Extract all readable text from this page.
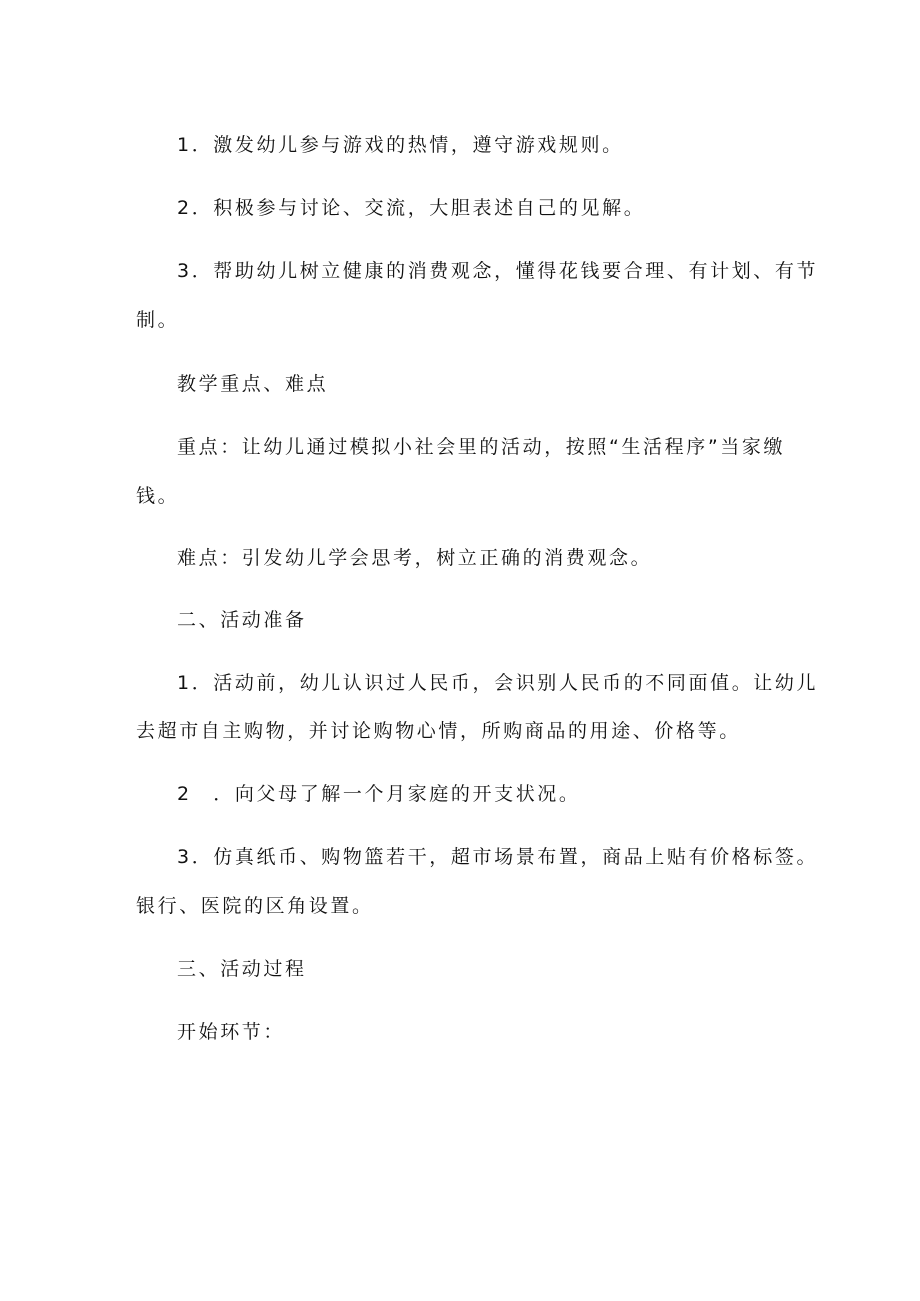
1．激发幼儿参与游戏的热情，遵守游戏规则。

2．积极参与讨论、交流，大胆表述自己的见解。

3．帮助幼儿树立健康的消费观念，懂得花钱要合理、有计划、有节

制。

教学重点、难点

重点：让幼儿通过模拟小社会里的活动，按照“生活程序”当家缴

钱。

难点：引发幼儿学会思考，树立正确的消费观念。

二、活动准备

1．活动前，幼儿认识过人民币，会识别人民币的不同面值。让幼儿

去超市自主购物，并讨论购物心情，所购商品的用途、价格等。

2　．向父母了解一个月家庭的开支状况。

3．仿真纸币、购物篮若干，超市场景布置，商品上贴有价格标签。

银行、医院的区角设置。

三、活动过程

开始环节：
